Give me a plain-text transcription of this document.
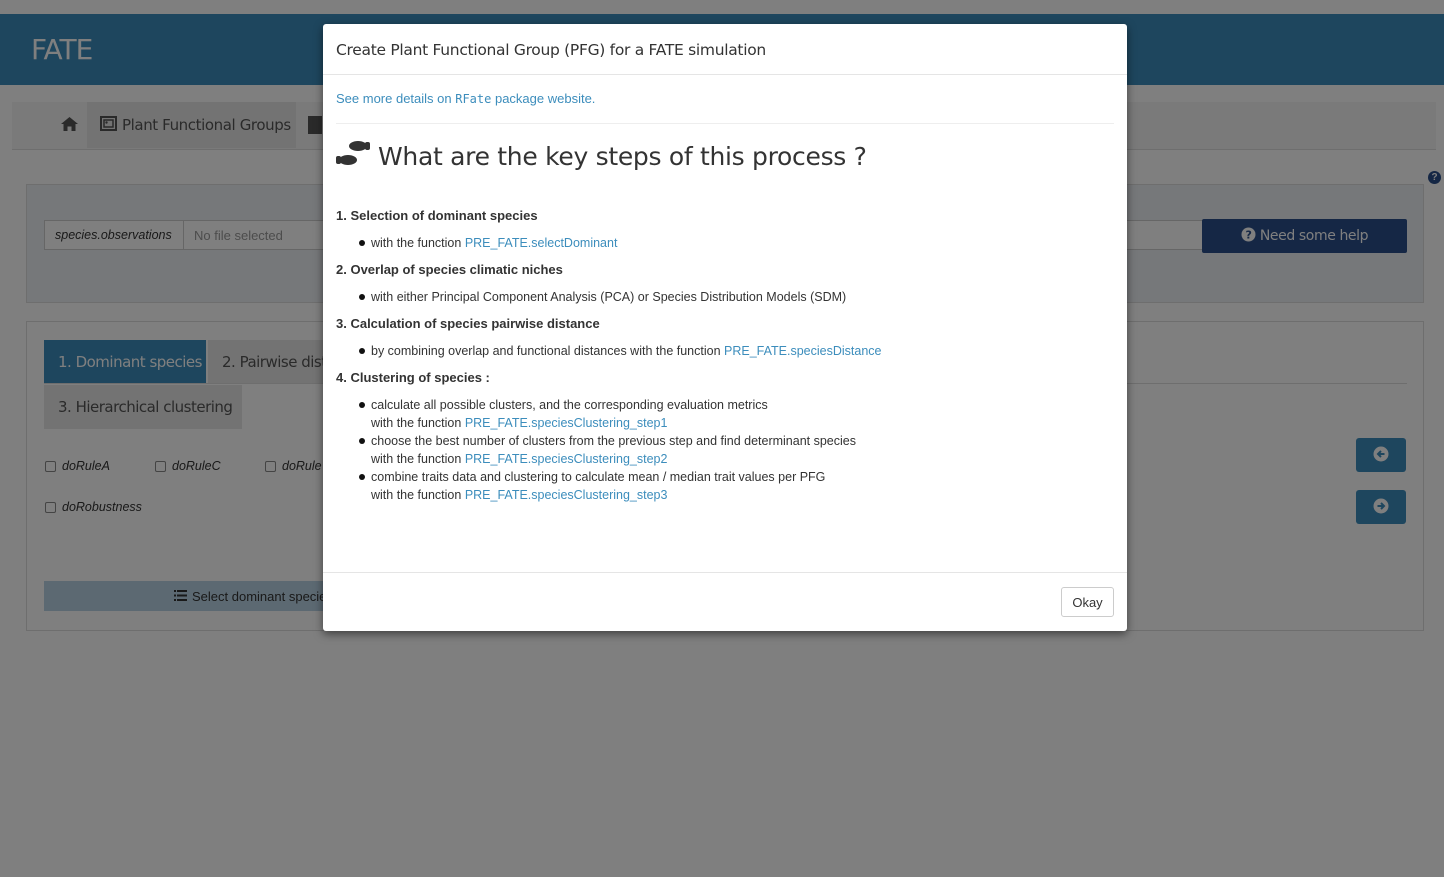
Create Plant Functional Group (PFG) for a FATE simulation
See more details on RFate package website.
What are the key steps of this process ?
1. Selection of dominant species
with the function PRE_FATE.selectDominant
2. Overlap of species climatic niches
with either Principal Component Analysis (PCA) or Species Distribution Models (SDM)
3. Calculation of species pairwise distance
by combining overlap and functional distances with the function PRE_FATE.speciesDistance
4. Clustering of species :
calculate all possible clusters, and the corresponding evaluation metrics
with the function PRE_FATE.speciesClustering_step1
choose the best number of clusters from the previous step and find determinant species
with the function PRE_FATE.speciesClustering_step2
combine traits data and clustering to calculate mean / median trait values per PFG
with the function PRE_FATE.speciesClustering_step3
Okay
